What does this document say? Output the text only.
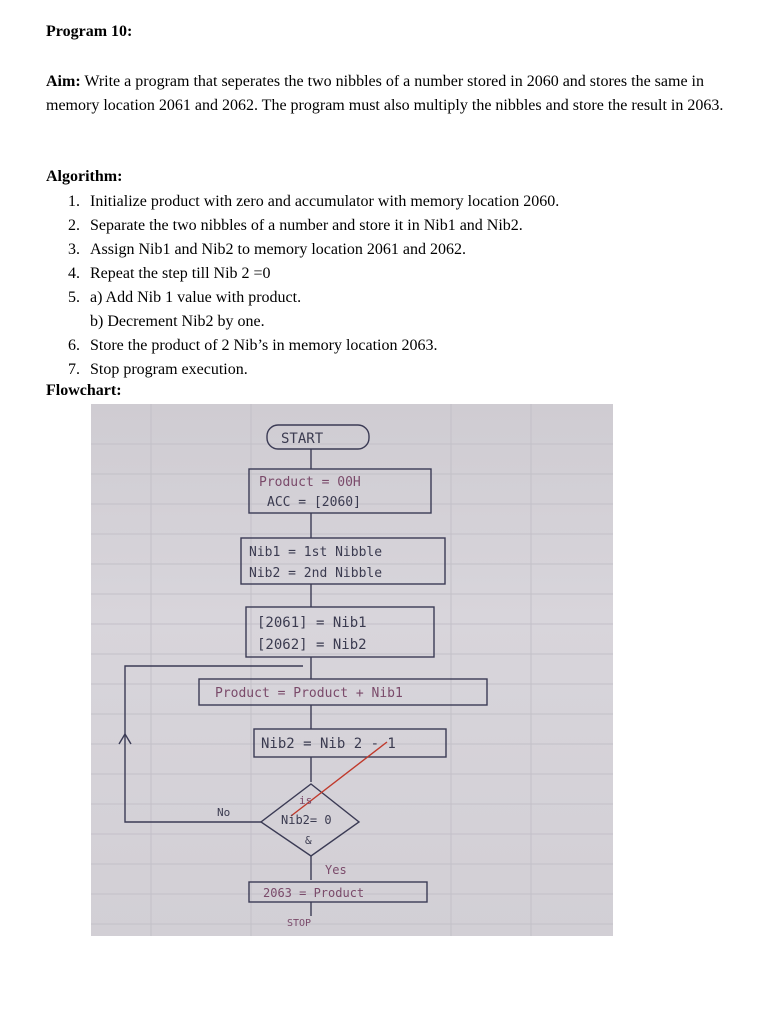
Program 10:
Aim: Write a program that seperates the two nibbles of a number stored in 2060 and stores the same in memory location 2061 and 2062. The program must also multiply the nibbles and store the result in 2063.
Algorithm:
1. Initialize product with zero and accumulator with memory location 2060.
2. Separate the two nibbles of a number and store it in Nib1 and Nib2.
3. Assign Nib1 and Nib2 to memory location 2061 and 2062.
4. Repeat the step till Nib 2 =0
5. a) Add Nib 1 value with product.
b) Decrement Nib2 by one.
6. Store the product of 2 Nib’s in memory location 2063.
7. Stop program execution.
Flowchart:
START
Product = 00H
ACC = [2060]
Nib1 = 1st Nibble
Nib2 = 2nd Nibble
[2061] = Nib1
[2062] = Nib2
Product = Product + Nib1
Nib2 = Nib 2 - 1
is
Nib2= 0
&
No
Yes
2063 = Product
STOP
